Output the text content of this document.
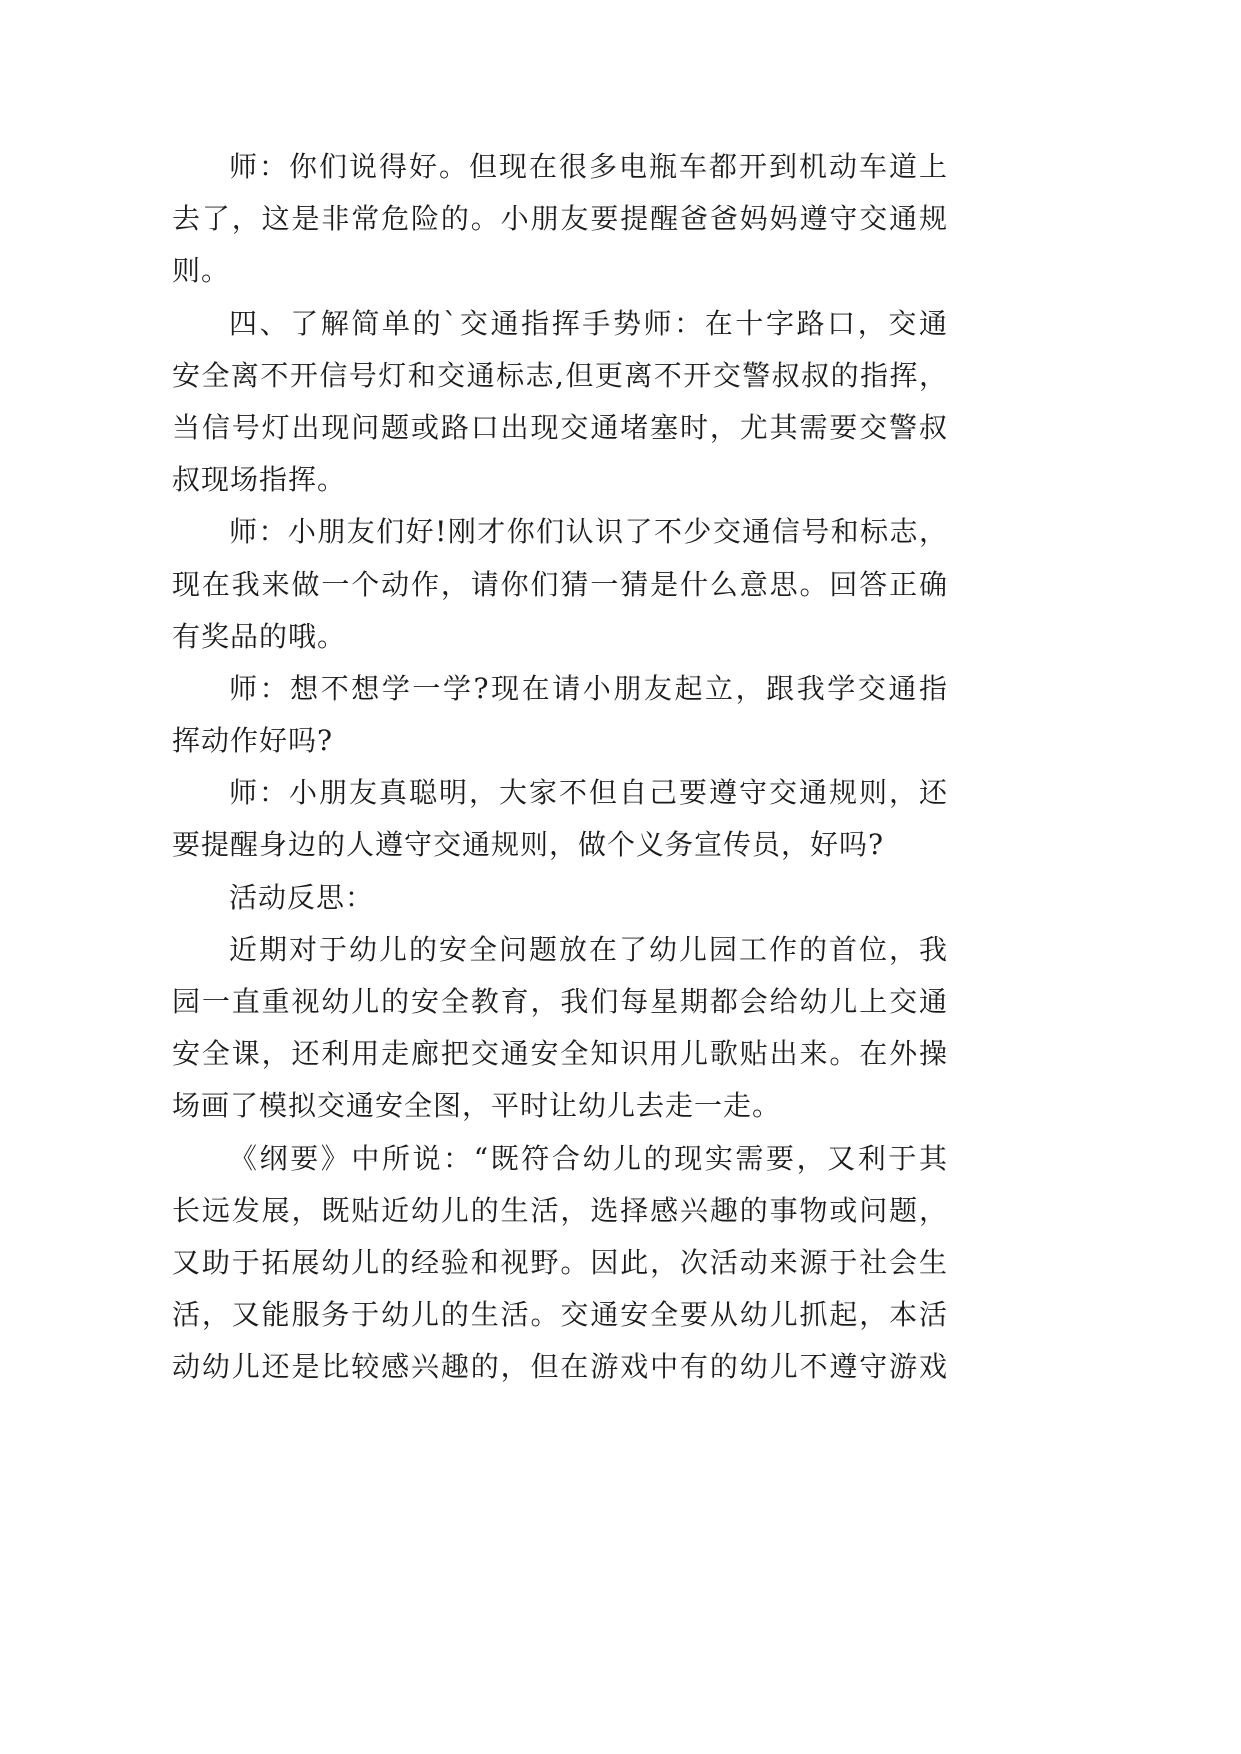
师：你们说得好。但现在很多电瓶车都开到机动车道上
去了，这是非常危险的。小朋友要提醒爸爸妈妈遵守交通规
则。
四、了解简单的`交通指挥手势师：在十字路口，交通
安全离不开信号灯和交通标志,但更离不开交警叔叔的指挥，
当信号灯出现问题或路口出现交通堵塞时，尤其需要交警叔
叔现场指挥。
师：小朋友们好!刚才你们认识了不少交通信号和标志，
现在我来做一个动作，请你们猜一猜是什么意思。回答正确
有奖品的哦。
师：想不想学一学?现在请小朋友起立，跟我学交通指
挥动作好吗?
师：小朋友真聪明，大家不但自己要遵守交通规则，还
要提醒身边的人遵守交通规则，做个义务宣传员，好吗?
活动反思：
近期对于幼儿的安全问题放在了幼儿园工作的首位，我
园一直重视幼儿的安全教育，我们每星期都会给幼儿上交通
安全课，还利用走廊把交通安全知识用儿歌贴出来。在外操
场画了模拟交通安全图，平时让幼儿去走一走。
《纲要》中所说：“既符合幼儿的现实需要，又利于其
长远发展，既贴近幼儿的生活，选择感兴趣的事物或问题，
又助于拓展幼儿的经验和视野。因此，次活动来源于社会生
活，又能服务于幼儿的生活。交通安全要从幼儿抓起，本活
动幼儿还是比较感兴趣的，但在游戏中有的幼儿不遵守游戏
